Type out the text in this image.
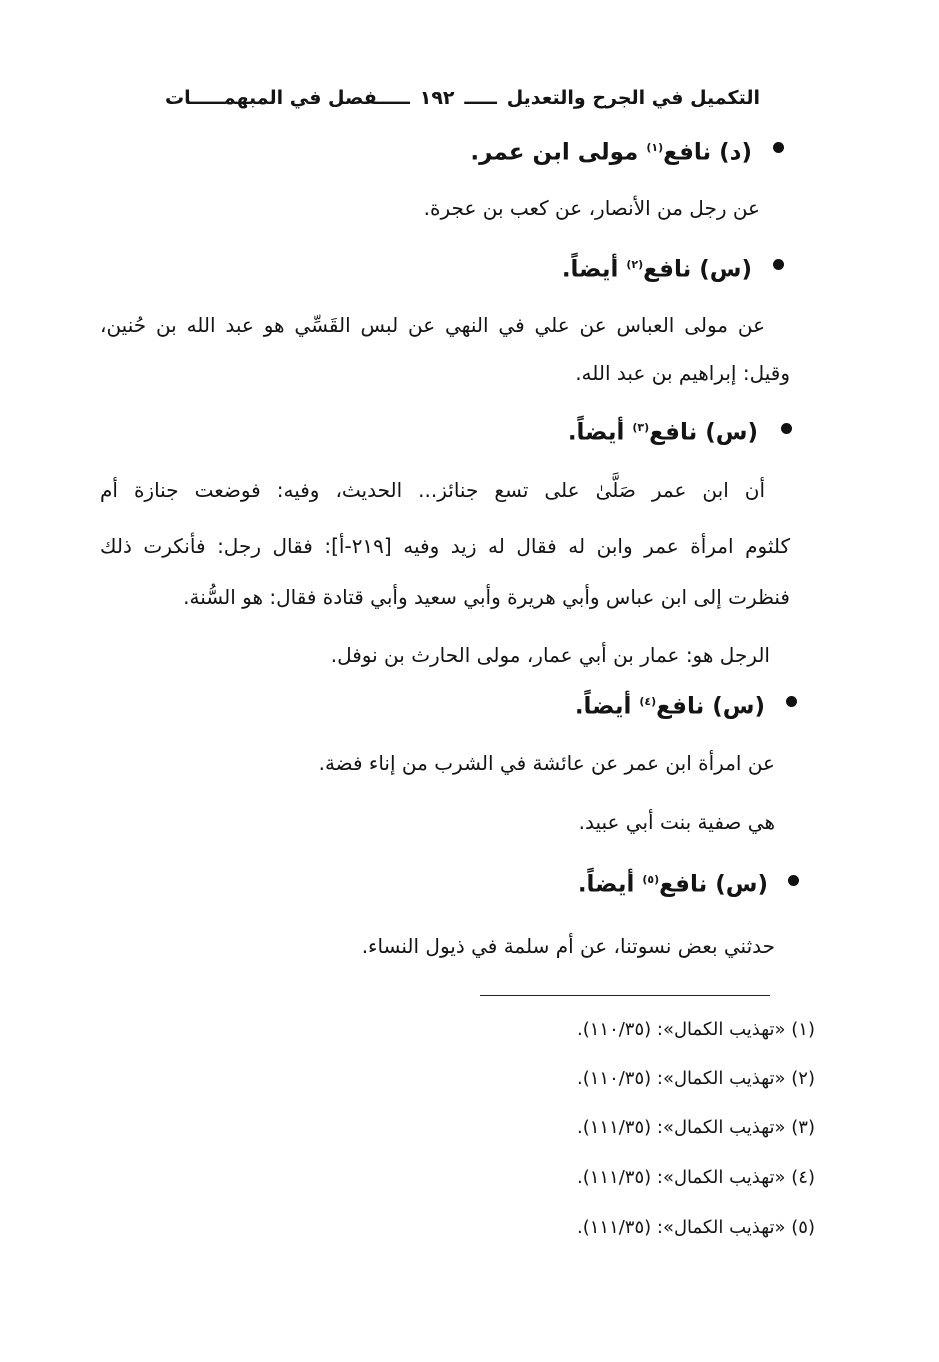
التكميل في الجرح والتعديل
ـــــ
١٩٢
ـــــفصل في المبهمـــــات
(د) نافع$^{(١)}$ مولى ابن عمر.
عن رجل من الأنصار، عن كعب بن عجرة.
(س) نافع$^{(٢)}$ أيضاً.
عن مولى العباس عن علي في النهي عن لبس القَسِّي هو عبد الله بن حُنين،
وقيل: إبراهيم بن عبد الله.
(س) نافع$^{(٣)}$ أيضاً.
أن ابن عمر صَلَّىٰ على تسع جنائز... الحديث، وفيه: فوضعت جنازة أم
كلثوم امرأة عمر وابن له فقال له زيد وفيه [٢١٩-أ]: فقال رجل: فأنكرت ذلك
فنظرت إلى ابن عباس وأبي هريرة وأبي سعيد وأبي قتادة فقال: هو السُّنة.
الرجل هو: عمار بن أبي عمار، مولى الحارث بن نوفل.
(س) نافع$^{(٤)}$ أيضاً.
عن امرأة ابن عمر عن عائشة في الشرب من إناء فضة.
هي صفية بنت أبي عبيد.
(س) نافع$^{(٥)}$ أيضاً.
حدثني بعض نسوتنا، عن أم سلمة في ذيول النساء.
(١) «تهذيب الكمال»: (١١٠/٣٥).
(٢) «تهذيب الكمال»: (١١٠/٣٥).
(٣) «تهذيب الكمال»: (١١١/٣٥).
(٤) «تهذيب الكمال»: (١١١/٣٥).
(٥) «تهذيب الكمال»: (١١١/٣٥).
